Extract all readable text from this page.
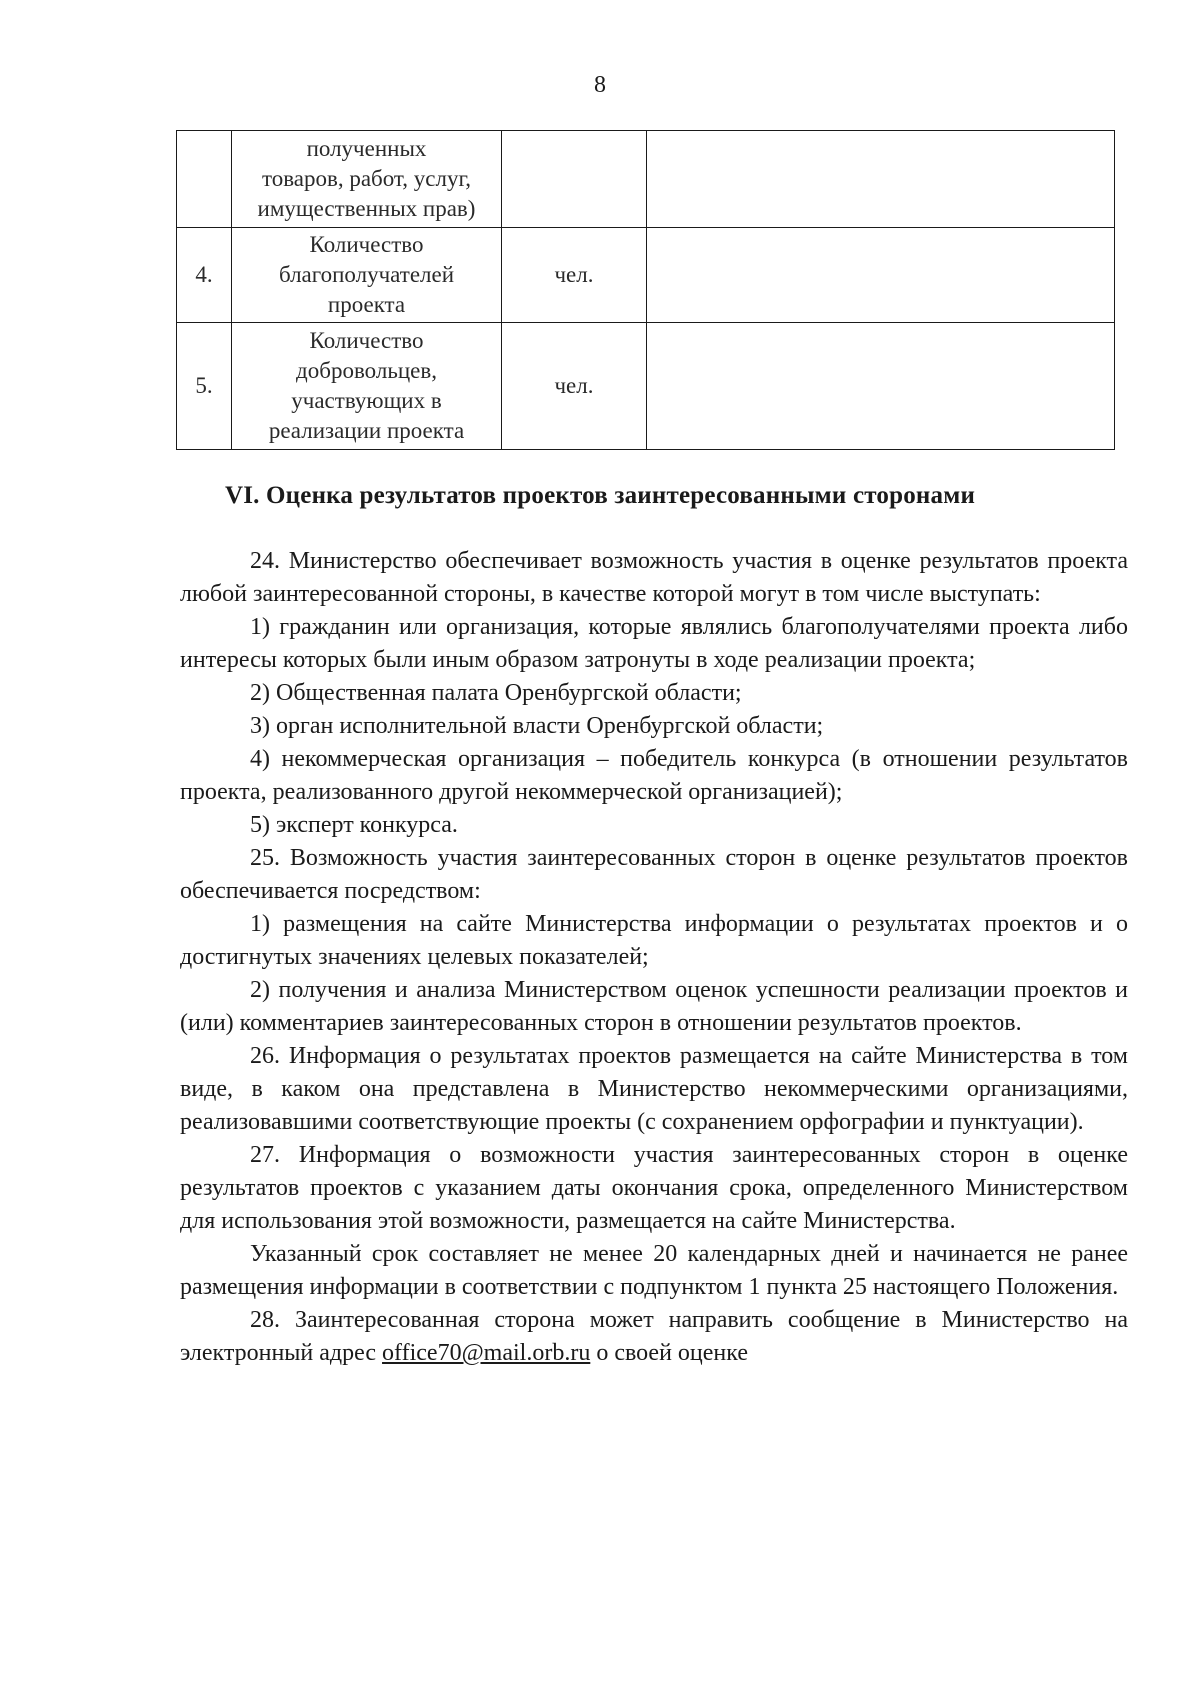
8

	полученных
товаров, работ, услуг,
имущественных прав)		

4.	Количество
благополучателей
проекта	чел.	
5.	Количество
добровольцев,
участвующих в
реализации проекта	чел.	
VI. Оценка результатов проектов заинтересованными сторонами

24. Министерство обеспечивает возможность участия в оценке результатов проекта любой заинтересованной стороны, в качестве которой могут в том числе выступать:

1) гражданин или организация, которые являлись благополучателями проекта либо интересы которых были иным образом затронуты в ходе реализации проекта;

2) Общественная палата Оренбургской области;

3) орган исполнительной власти Оренбургской области;

4) некоммерческая организация – победитель конкурса (в отношении результатов проекта, реализованного другой некоммерческой организацией);

5) эксперт конкурса.

25. Возможность участия заинтересованных сторон в оценке результатов проектов обеспечивается посредством:

1) размещения на сайте Министерства информации о результатах проектов и о достигнутых значениях целевых показателей;

2) получения и анализа Министерством оценок успешности реализации проектов и (или) комментариев заинтересованных сторон в отношении результатов проектов.

26. Информация о результатах проектов размещается на сайте Министерства в том виде, в каком она представлена в Министерство некоммерческими организациями, реализовавшими соответствующие проекты (с сохранением орфографии и пунктуации).

27. Информация о возможности участия заинтересованных сторон в оценке результатов проектов с указанием даты окончания срока, определенного Министерством для использования этой возможности, размещается на сайте Министерства.

Указанный срок составляет не менее 20 календарных дней и начинается не ранее размещения информации в соответствии с подпунктом 1 пункта 25 настоящего Положения.

28. Заинтересованная сторона может направить сообщение в Министерство на электронный адрес office70@mail.orb.ru о своей оценке
